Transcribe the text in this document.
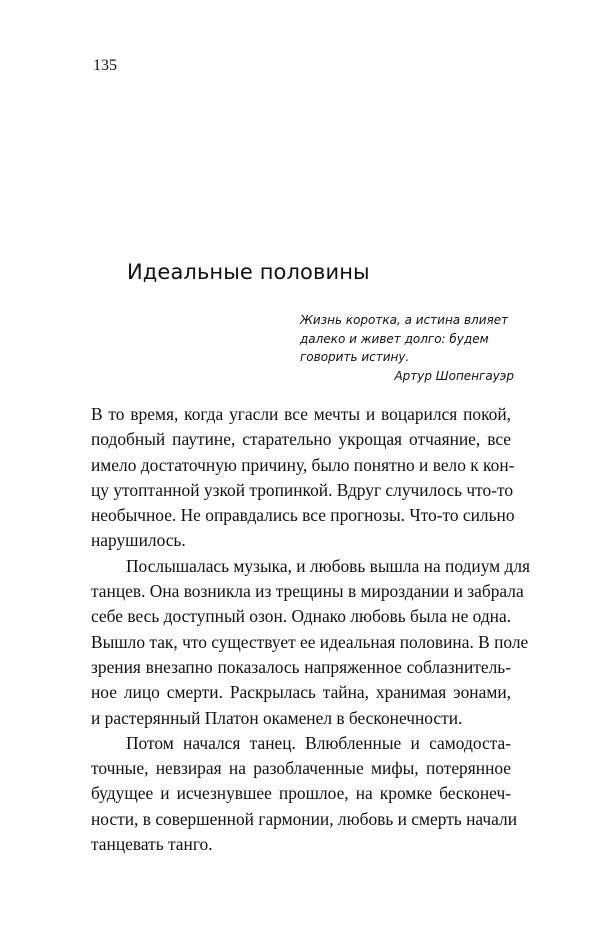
135

Идеальные половины

Жизнь коротка, а истина влияет
далеко и живет долго: будем
говорить истину.

Артур Шопенгауэр

В то время, когда угасли все мечты и воцарился покой,
подобный паутине, старательно укрощая отчаяние, все
имело достаточную причину, было понятно и вело к кон-
цу утоптанной узкой тропинкой. Вдруг случилось что-то
необычное. Не оправдались все прогнозы. Что-то сильно
нарушилось.

Послышалась музыка, и любовь вышла на подиум для
танцев. Она возникла из трещины в мироздании и забрала
себе весь доступный озон. Однако любовь была не одна.
Вышло так, что существует ее идеальная половина. В поле
зрения внезапно показалось напряженное соблазнитель-
ное лицо смерти. Раскрылась тайна, хранимая эонами,
и растерянный Платон окаменел в бесконечности.

Потом начался танец. Влюбленные и самодоста-
точные, невзирая на разоблаченные мифы, потерянное
будущее и исчезнувшее прошлое, на кромке бесконеч-
ности, в совершенной гармонии, любовь и смерть начали
танцевать танго.
